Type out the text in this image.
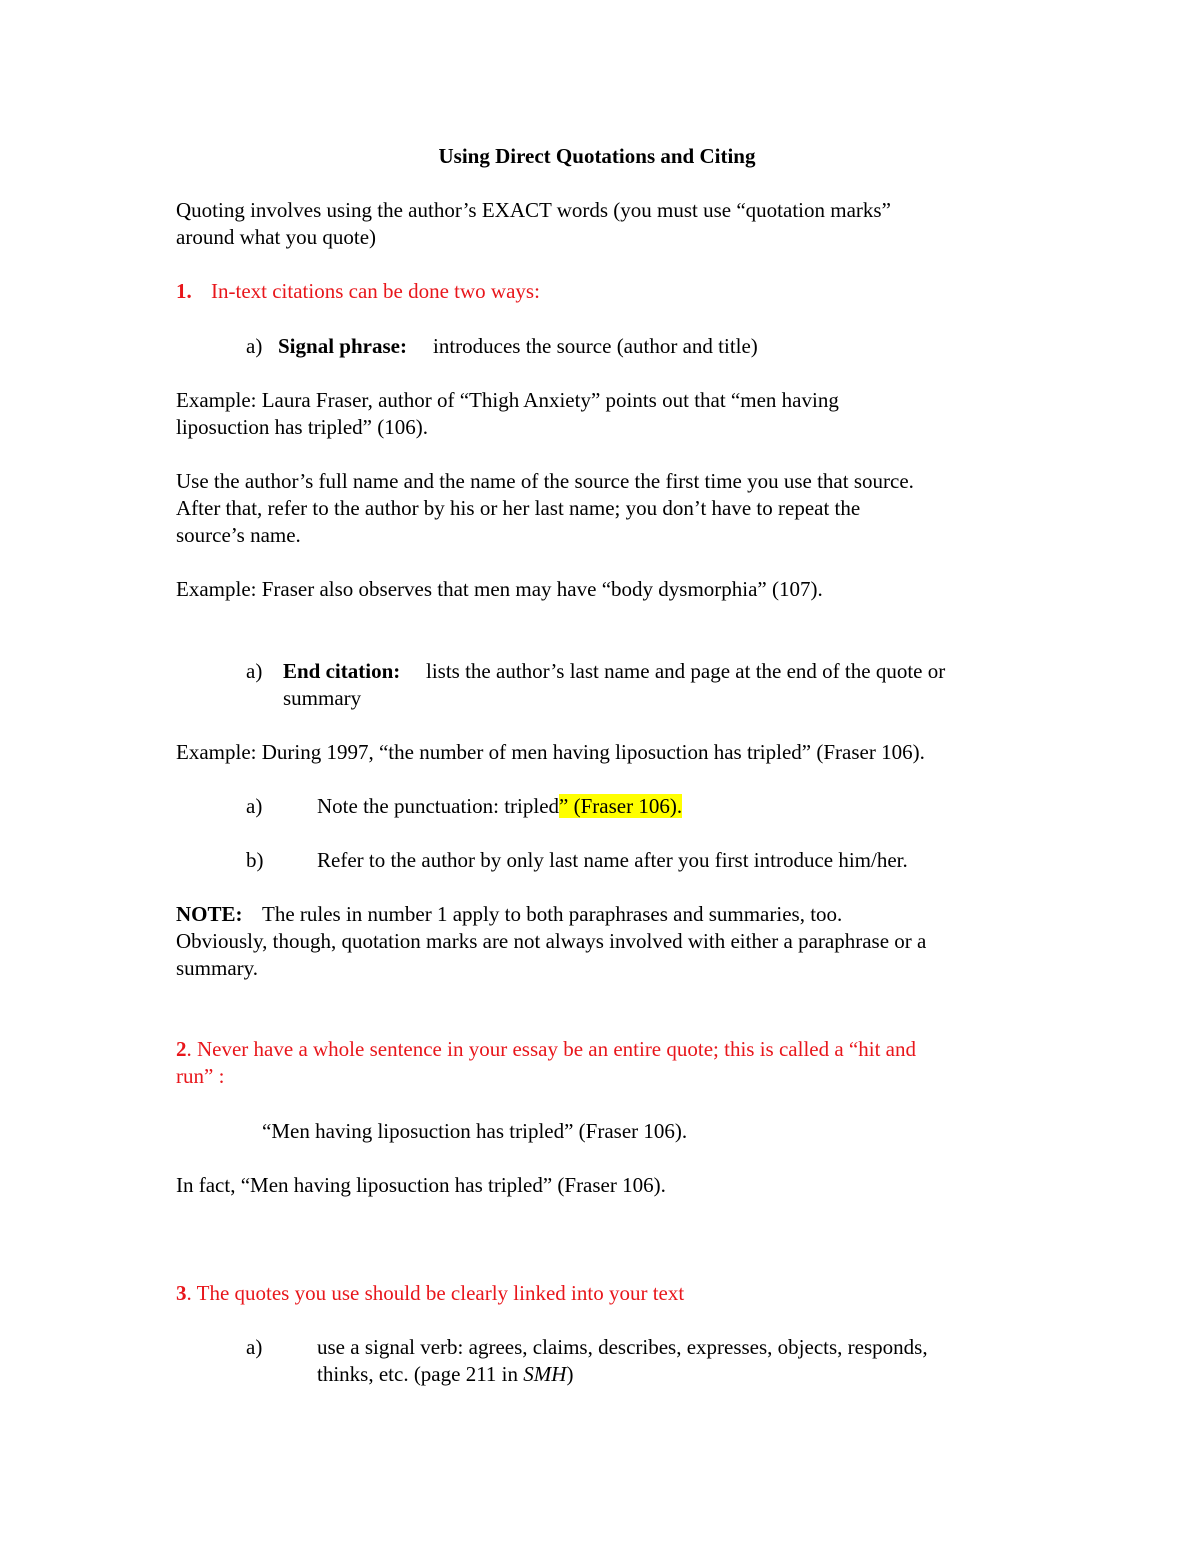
Using Direct Quotations and Citing
Quoting involves using the author’s EXACT words (you must use “quotation marks”
around what you quote)
1. In-text citations can be done two ways:
a) Signal phrase: introduces the source (author and title)
Example: Laura Fraser, author of “Thigh Anxiety” points out that “men having
liposuction has tripled” (106).
Use the author’s full name and the name of the source the first time you use that source.
After that, refer to the author by his or her last name; you don’t have to repeat the
source’s name.
Example: Fraser also observes that men may have “body dysmorphia” (107).
a) End citation: lists the author’s last name and page at the end of the quote or
summary
Example: During 1997, “the number of men having liposuction has tripled” (Fraser 106).
a)	Note the punctuation: tripled” (Fraser 106).
b)	Refer to the author by only last name after you first introduce him/her.
NOTE: The rules in number 1 apply to both paraphrases and summaries, too.
Obviously, though, quotation marks are not always involved with either a paraphrase or a
summary.
2. Never have a whole sentence in your essay be an entire quote; this is called a “hit and
run” :
“Men having liposuction has tripled” (Fraser 106).
In fact, “Men having liposuction has tripled” (Fraser 106).
3. The quotes you use should be clearly linked into your text
a)	use a signal verb: agrees, claims, describes, expresses, objects, responds,
thinks, etc. (page 211 in SMH)
